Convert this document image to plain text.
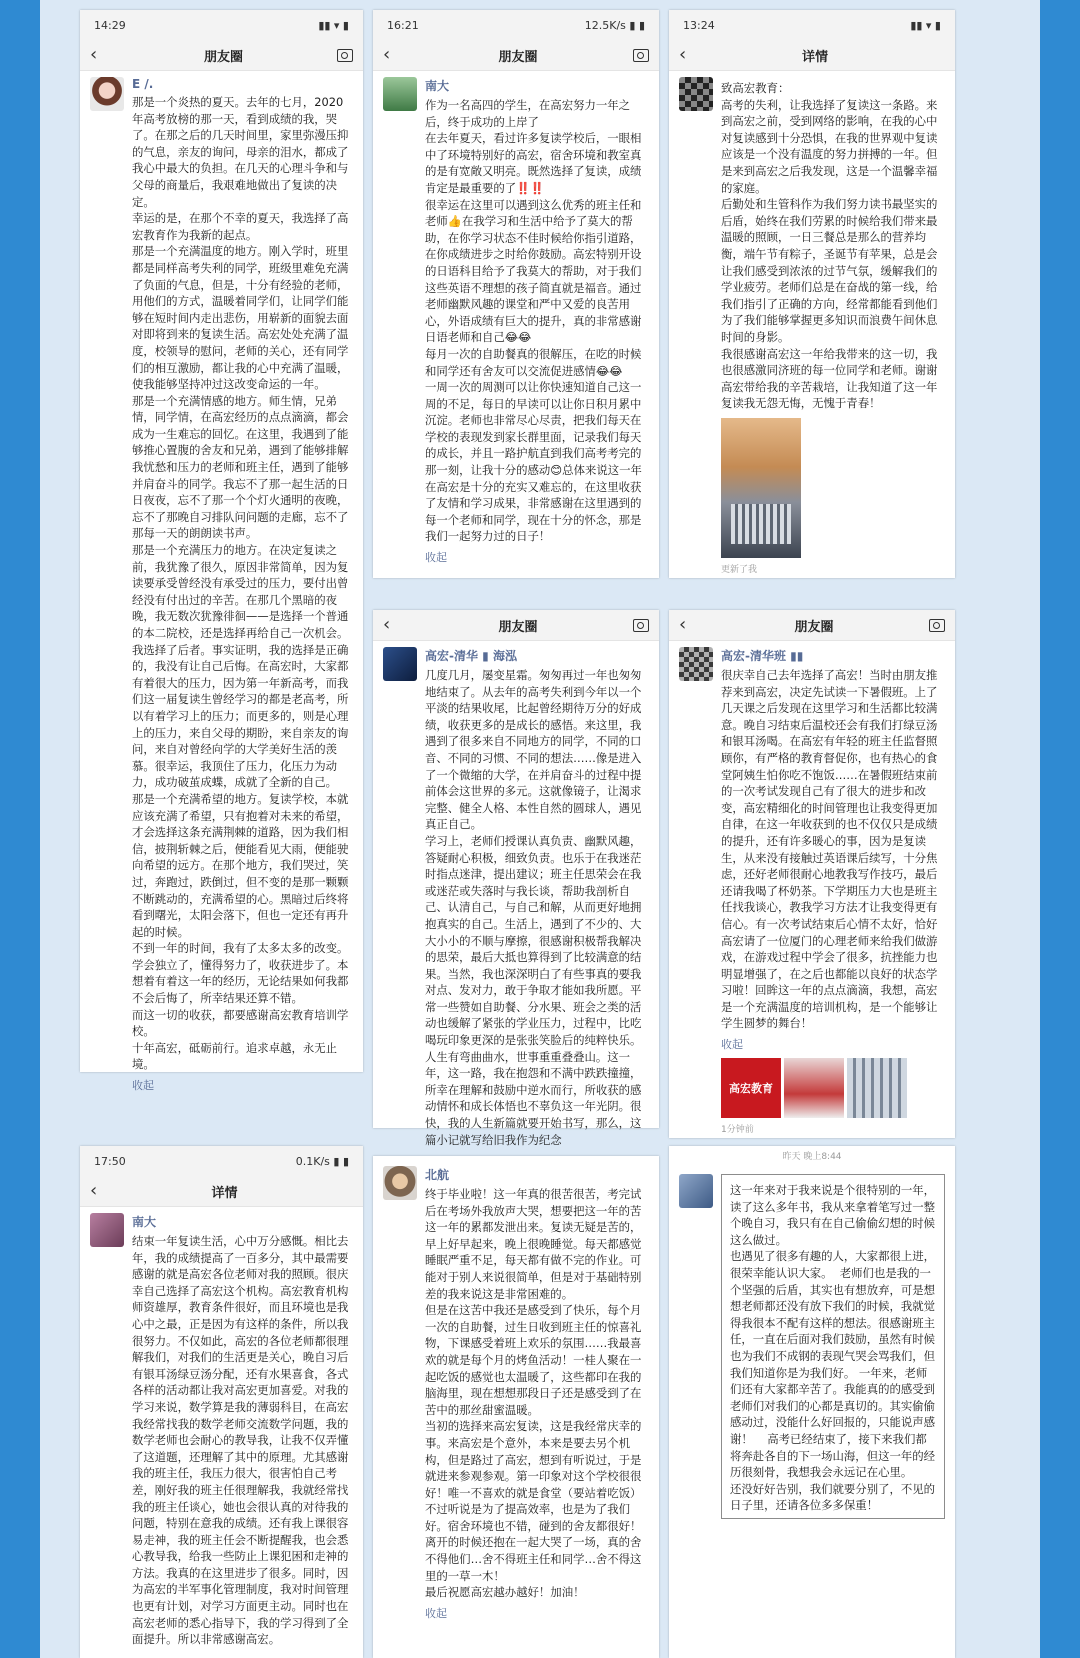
14:29	▮▮ ▾ ▮
‹	朋友圈
E /.

那是一个炎热的夏天。去年的七月，2020年高考放榜的那一天，看到成绩的我，哭了。在那之后的几天时间里，家里弥漫压抑的气息，亲友的询问，母亲的泪水，都成了我心中最大的负担。在几天的心理斗争和与父母的商量后，我艰难地做出了复读的决定。
幸运的是，在那个不幸的夏天，我选择了高宏教育作为我新的起点。
那是一个充满温度的地方。刚入学时，班里都是同样高考失利的同学，班级里难免充满了负面的气息，但是，十分有经验的老师，用他们的方式，温暖着同学们，让同学们能够在短时间内走出悲伤，用崭新的面貌去面对即将到来的复读生活。高宏处处充满了温度，校领导的慰问，老师的关心，还有同学们的相互激励，都让我的心中充满了温暖，使我能够坚持冲过这改变命运的一年。
那是一个充满情感的地方。师生情，兄弟情，同学情，在高宏经历的点点滴滴，都会成为一生难忘的回忆。在这里，我遇到了能够推心置腹的舍友和兄弟，遇到了能够排解我忧愁和压力的老师和班主任，遇到了能够并肩奋斗的同学。我忘不了那一起生活的日日夜夜，忘不了那一个个灯火通明的夜晚，忘不了那晚自习排队问问题的走廊，忘不了那每一天的朗朗读书声。
那是一个充满压力的地方。在决定复读之前，我犹豫了很久，原因非常简单，因为复读要承受曾经没有承受过的压力，要付出曾经没有付出过的辛苦。在那几个黑暗的夜晚，我无数次犹豫徘徊——是选择一个普通的本二院校，还是选择再给自己一次机会。我选择了后者。事实证明，我的选择是正确的，我没有让自己后悔。在高宏时，大家都有着很大的压力，因为第一年新高考，而我们这一届复读生曾经学习的都是老高考，所以有着学习上的压力；而更多的，则是心理上的压力，来自父母的期盼，来自亲友的询问，来自对曾经向学的大学美好生活的羡慕。很幸运，我顶住了压力，化压力为动力，成功破茧成蝶，成就了全新的自己。
那是一个充满希望的地方。复读学校，本就应该充满了希望，只有抱着对未来的希望，才会选择这条充满荆棘的道路，因为我们相信，披荆斩棘之后，便能看见大雨，便能驶向希望的远方。在那个地方，我们哭过，笑过，奔跑过，跌倒过，但不变的是那一颗颗不断跳动的，充满希望的心。黑暗过后终将看到曙光，太阳会落下，但也一定还有再升起的时候。
不到一年的时间，我有了太多太多的改变。学会独立了，懂得努力了，收获进步了。本想着有着这一年的经历，无论结果如何我都不会后悔了，所幸结果还算不错。
而这一切的收获，都要感谢高宏教育培训学校。
十年高宏，砥砺前行。追求卓越，永无止境。

收起
16:21	12.5K/s ▮ ▮
‹	朋友圈
南大

作为一名高四的学生，在高宏努力一年之后，终于成功的上岸了
在去年夏天，看过许多复读学校后，一眼相中了环境特别好的高宏，宿舍环境和教室真的是有宽敞又明亮。既然选择了复读，成绩肯定是最重要的了‼️‼️
很幸运在这里可以遇到这么优秀的班主任和老师👍在我学习和生活中给予了莫大的帮助，在你学习状态不佳时候给你指引道路，在你成绩进步之时给你鼓励。高宏特别开设的日语科目给予了我莫大的帮助，对于我们这些英语不理想的孩子简直就是福音。通过老师幽默风趣的课堂和严中又爱的良苦用心，外语成绩有巨大的提升，真的非常感谢日语老师和自己😂😂
每月一次的自助餐真的很解压，在吃的时候和同学还有舍友可以交流促进感情😂😂
一周一次的周测可以让你快速知道自己这一周的不足，每日的早读可以让你日积月累中沉淀。老师也非常尽心尽责，把我们每天在学校的表现发到家长群里面，记录我们每天的成长，并且一路护航直到我们高考考完的那一刻，让我十分的感动😊总体来说这一年在高宏是十分的充实又难忘的，在这里收获了友情和学习成果，非常感谢在这里遇到的每一个老师和同学，现在十分的怀念，那是我们一起努力过的日子！

收起
13:24	▮▮ ▾ ▮
‹	详情

致高宏教育：
高考的失利，让我选择了复读这一条路。来到高宏之前，受到网络的影响，在我的心中对复读感到十分恐惧，在我的世界观中复读应该是一个没有温度的努力拼搏的一年。但是来到高宏之后我发现，这是一个温馨幸福的家庭。
后勤处和生管科作为我们努力读书最坚实的后盾，始终在我们劳累的时候给我们带来最温暖的照顾，一日三餐总是那么的营养均衡，端午节有粽子，圣诞节有苹果，总是会让我们感受到浓浓的过节气氛，缓解我们的学业疲劳。老师们总是在奋战的第一线，给我们指引了正确的方向，经常都能看到他们为了我们能够掌握更多知识而浪费午间休息时间的身影。
我很感谢高宏这一年给我带来的这一切，我也很感激同济班的每一位同学和老师。谢谢高宏带给我的辛苦栽培，让我知道了这一年复读我无怨无悔，无愧于青春！

更新了我
‹	朋友圈
高宏-清华 ▮ 海泓

几度几月，屡变星霜。匆匆再过一年也匆匆地结束了。从去年的高考失利到今年以一个平淡的结果收尾，比起曾经期待万分的好成绩，收获更多的是成长的感悟。来这里，我遇到了很多来自不同地方的同学，不同的口音、不同的习惯、不同的想法……像是进入了一个微缩的大学，在并肩奋斗的过程中提前体会这世界的多元。这就像镜子，让渴求完整、健全人格、本性自然的圆球人，遇见真正自己。
学习上，老师们授课认真负责、幽默风趣，答疑耐心积极，细致负责。也乐于在我迷茫时指点迷津，提出建议；班主任思荣会在我或迷茫或失落时与我长谈，帮助我剖析自己、认清自己，与自己和解，从而更好地拥抱真实的自己。生活上，遇到了不少的、大大小小的不顺与摩擦，很感谢积极帮我解决的思荣，最后大抵也算得到了比较满意的结果。当然，我也深深明白了有些事真的要我对点、发对力，敢于争取才能如我所愿。平常一些赞如自助餐、分水果、班会之类的活动也缓解了紧张的学业压力，过程中，比吃喝玩印象更深的是张张笑脸后的纯粹快乐。
人生有弯曲曲水，世事重重叠叠山。这一年，这一路，我在抱怨和不满中跌跌撞撞，所幸在理解和鼓励中逆水而行，所收获的感动情怀和成长体悟也不辜负这一年光阴。很快，我的人生新篇就要开始书写，那么，这篇小记就写给旧我作为纪念

‹	朋友圈
高宏-清华班 ▮▮

很庆幸自己去年选择了高宏！当时由朋友推荐来到高宏，决定先试读一下暑假班。上了几天课之后发现在这里学习和生活都比较满意。晚自习结束后温校还会有我们打绿豆汤和银耳汤喝。在高宏有年轻的班主任监督照顾你，有严格的教育督促你，也有热心的食堂阿姨生怕你吃不饱饭……在暑假班结束前的一次考试发现自己有了很大的进步和改变，高宏精细化的时间管理也让我变得更加自律，在这一年收获到的也不仅仅只是成绩的提升，还有许多暖心的事，因为是复读生，从来没有接触过英语课后续写，十分焦虑，还好老师很耐心地教我写作技巧，最后还请我喝了杯奶茶。下学期压力大也是班主任找我谈心，教我学习方法才让我变得更有信心。有一次考试结束后心情不太好，恰好高宏请了一位厦门的心理老师来给我们做游戏，在游戏过程中学会了很多，抗挫能力也明显增强了，在之后也都能以良好的状态学习啦！回眸这一年的点点滴滴，我想，高宏是一个充满温度的培训机构，是一个能够让学生圆梦的舞台！

收起
高宏教育
1分钟前
17:50	0.1K/s ▮ ▮
‹	详情
南大

结束一年复读生活，心中万分感慨。相比去年，我的成绩提高了一百多分，其中最需要感谢的就是高宏各位老师对我的照顾。很庆幸自己选择了高宏这个机构。高宏教育机构师资雄厚，教育条件很好，而且环境也是我心中之最，正是因为有这样的条件，所以我很努力。不仅如此，高宏的各位老师都很理解我们，对我们的生活更是关心，晚自习后有银耳汤绿豆汤分配，还有水果喜食，各式各样的活动都让我对高宏更加喜爱。对我的学习来说，数学算是我的薄弱科目，在高宏我经常找我的数学老师交流数学问题，我的数学老师也会耐心的教导我，让我不仅弄懂了这道题，还理解了其中的原理。尤其感谢我的班主任，我压力很大，很害怕自己考差，刚好我的班主任很理解我，我就经常找我的班主任谈心，她也会很认真的对待我的问题，特别在意我的成绩。还有我上课很容易走神，我的班主任会不断提醒我，也会悉心教导我，给我一些防止上课犯困和走神的方法。我真的在这里进步了很多。同时，因为高宏的半军事化管理制度，我对时间管理也更有计划，对学习方面更主动。同时也在高宏老师的悉心指导下，我的学习得到了全面提升。所以非常感谢高宏。

北航

终于毕业啦！这一年真的很苦很苦，考完试后在考场外我放声大哭，想要把这一年的苦这一年的累都发泄出来。复读无疑是苦的，早上好早起来，晚上很晚睡觉。每天都感觉睡眠严重不足，每天都有做不完的作业。可能对于别人来说很简单，但是对于基础特别差的我来说这是非常困难的。
但是在这苦中我还是感受到了快乐，每个月一次的自助餐，过生日收到班主任的惊喜礼物，下课感受着班上欢乐的氛围……我最喜欢的就是每个月的烤鱼活动！一桂人聚在一起吃饭的感觉也太温暖了，这些都印在我的脑海里，现在想想那段日子还是感受到了在苦中的那丝甜蜜温暖。
当初的选择来高宏复读，这是我经常庆幸的事。来高宏是个意外，本来是要去另个机构，但是路过了高宏，想到有听说过，于是就进来参观参观。第一印象对这个学校很很好！唯一不喜欢的就是食堂（要站着吃饭）不过听说是为了提高效率，也是为了我们好。宿舍环境也不错，碰到的舍友都很好！离开的时候还抱在一起大哭了一场，真的舍不得他们…舍不得班主任和同学…舍不得这里的一草一木！
最后祝愿高宏越办越好！加油！

收起
昨天 晚上8:44

这一年来对于我来说是个很特别的一年，读了这么多年书，我从来拿着笔写过一整个晚自习，我只有在自己偷偷幻想的时候这么做过。
也遇见了很多有趣的人，大家都很上进，很荣幸能认识大家。  老师们也是我的一个坚强的后盾，其实也有想放弃，可是想想老师都还没有放下我们的时候，我就觉得我很本不配有这样的想法。很感谢班主任，一直在后面对我们鼓励，虽然有时候也为我们不成钢的表现气哭会骂我们，但我们知道你是为我们好。 一年来，老师们还有大家都辛苦了。我能真的的感受到老师们对我们的心都是真切的。其实偷偷感动过，没能什么好回报的，只能说声感谢！    高考已经结束了，接下来我们都将奔赴各自的下一场山海，但这一年的经历很刻骨，我想我会永远记在心里。
还没好好告别，我们就要分别了，不见的日子里，还请各位多多保重！
